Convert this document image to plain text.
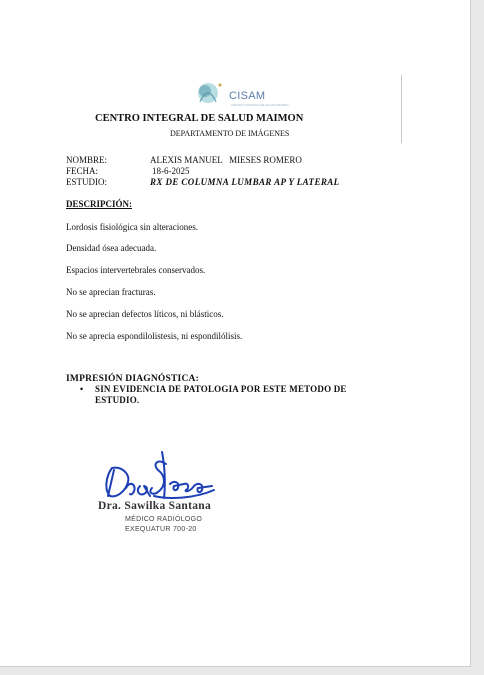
CISAM
CENTRO INTEGRAL DE SALUD MAIMON
CENTRO INTEGRAL DE SALUD MAIMON
DEPARTAMENTO DE IMÁGENES
NOMBRE:	ALEXIS MANUEL   MIESES ROMERO
FECHA:	18-6-2025
ESTUDIO:	RX DE COLUMNA LUMBAR AP Y LATERAL
DESCRIPCIÓN:
Lordosis fisiológica sin alteraciones.
Densidad ósea adecuada.
Espacios intervertebrales conservados.
No se aprecian fracturas.
No se aprecian defectos líticos, ni blásticos.
No se aprecia espondilolistesis, ni espondilólisis.
IMPRESIÓN DIAGNÓSTICA:
• SIN EVIDENCIA DE PATOLOGIA POR ESTE METODO DE ESTUDIO.
Dra. Sawilka Santana
MÉDICO RADIÓLOGO
EXEQUATUR 700-20
